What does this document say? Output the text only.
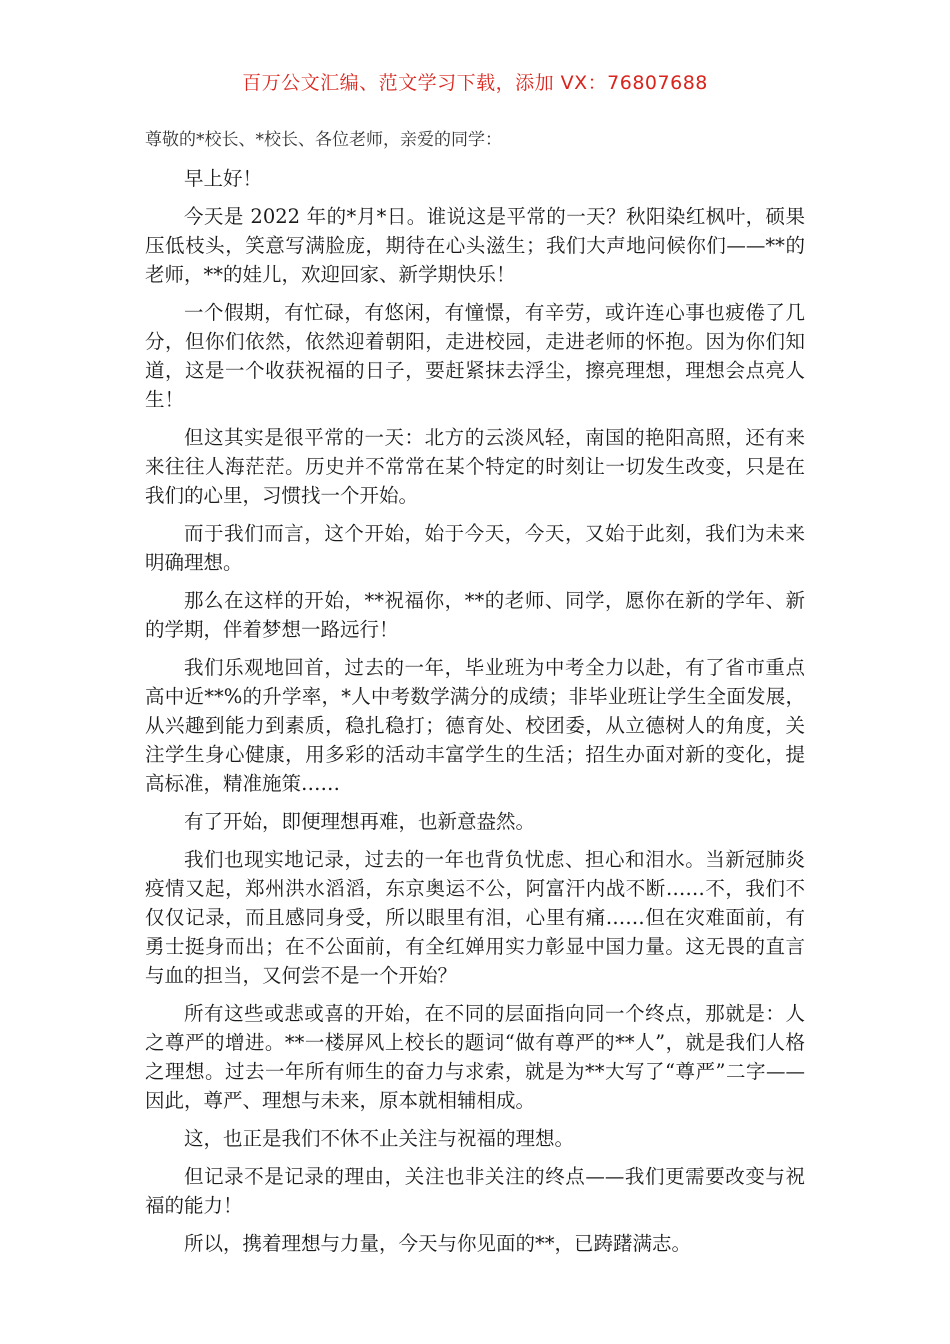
百万公文汇编、范文学习下载，添加 VX：76807688
尊敬的*校长、*校长、各位老师，亲爱的同学：

早上好！

今天是 2022 年的*月*日。谁说这是平常的一天？秋阳染红枫叶，硕果压低枝头，笑意写满脸庞，期待在心头滋生；我们大声地问候你们——**的老师，**的娃儿，欢迎回家、新学期快乐！

一个假期，有忙碌，有悠闲，有憧憬，有辛劳，或许连心事也疲倦了几分，但你们依然，依然迎着朝阳，走进校园，走进老师的怀抱。因为你们知道，这是一个收获祝福的日子，要赶紧抹去浮尘，擦亮理想，理想会点亮人生！

但这其实是很平常的一天：北方的云淡风轻，南国的艳阳高照，还有来来往往人海茫茫。历史并不常常在某个特定的时刻让一切发生改变，只是在我们的心里，习惯找一个开始。

而于我们而言，这个开始，始于今天，今天，又始于此刻，我们为未来明确理想。

那么在这样的开始，**祝福你，**的老师、同学，愿你在新的学年、新的学期，伴着梦想一路远行！

我们乐观地回首，过去的一年，毕业班为中考全力以赴，有了省市重点高中近**%的升学率，*人中考数学满分的成绩；非毕业班让学生全面发展，从兴趣到能力到素质，稳扎稳打；德育处、校团委，从立德树人的角度，关注学生身心健康，用多彩的活动丰富学生的生活；招生办面对新的变化，提高标准，精准施策……

有了开始，即便理想再难，也新意盎然。

我们也现实地记录，过去的一年也背负忧虑、担心和泪水。当新冠肺炎疫情又起，郑州洪水滔滔，东京奥运不公，阿富汗内战不断……不，我们不仅仅记录，而且感同身受，所以眼里有泪，心里有痛……但在灾难面前，有勇士挺身而出；在不公面前，有全红婵用实力彰显中国力量。这无畏的直言与血的担当，又何尝不是一个开始？

所有这些或悲或喜的开始，在不同的层面指向同一个终点，那就是：人之尊严的增进。**一楼屏风上校长的题词“做有尊严的**人”，就是我们人格之理想。过去一年所有师生的奋力与求索，就是为**大写了“尊严”二字——因此，尊严、理想与未来，原本就相辅相成。

这，也正是我们不休不止关注与祝福的理想。

但记录不是记录的理由，关注也非关注的终点——我们更需要改变与祝福的能力！

所以，携着理想与力量，今天与你见面的**，已踌躇满志。
